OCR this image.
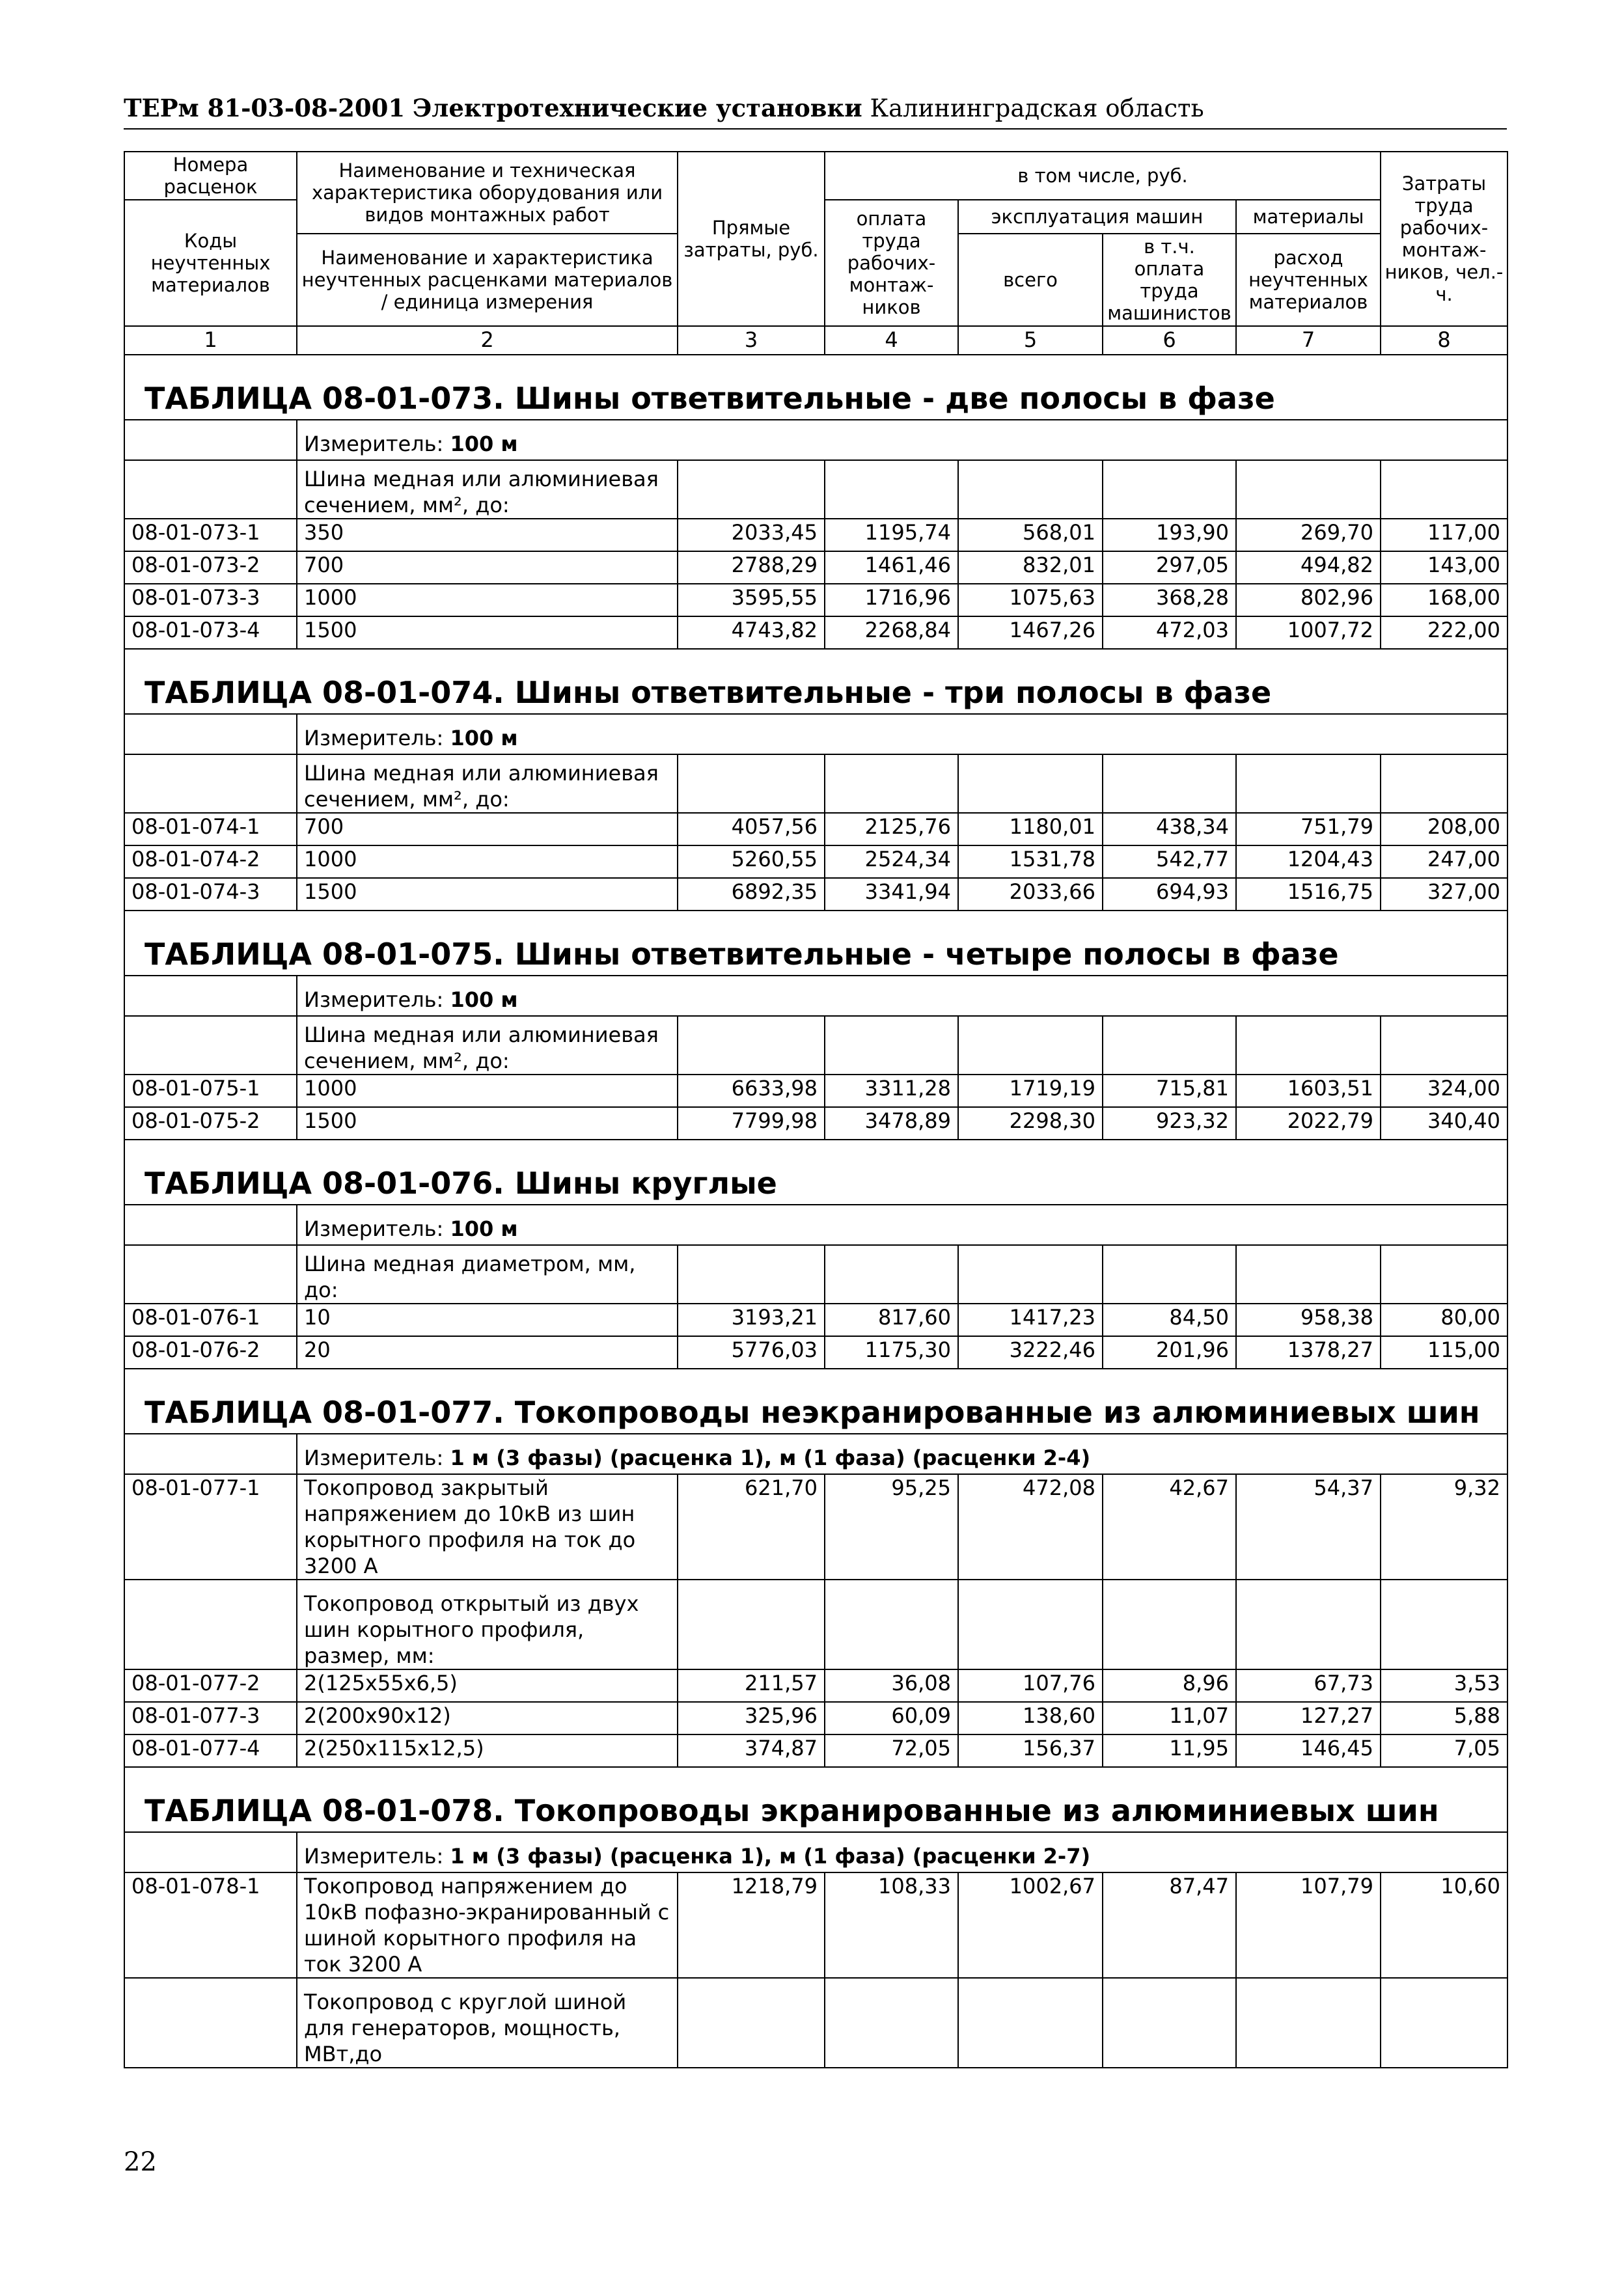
ТЕРм 81-03-08-2001 Электротехнические установки Калининградская область
Номера расценок	Наименование и техническая характеристика оборудования или видов монтажных работ	Прямые затраты, руб.	в том числе, руб.				Затраты труда рабочих-монтаж-ников, чел.-ч.
Коды неучтенных материалов			оплата труда рабочих-монтаж-ников	эксплуатация машин		материалы	
	Наименование и характеристика неучтенных расценками материалов / единица измерения			всего	в т.ч. оплата труда машинистов	расход неучтенных материалов	
1	2	3	4	5	6	7	8
ТАБЛИЦА 08-01-073. Шины ответвительные - две полосы в фазе							
	Измеритель: 100 м						
	Шина медная или алюминиевая сечением, мм², до:						
08-01-073-1	350	2033,45	1195,74	568,01	193,90	269,70	117,00
08-01-073-2	700	2788,29	1461,46	832,01	297,05	494,82	143,00
08-01-073-3	1000	3595,55	1716,96	1075,63	368,28	802,96	168,00
08-01-073-4	1500	4743,82	2268,84	1467,26	472,03	1007,72	222,00
ТАБЛИЦА 08-01-074. Шины ответвительные - три полосы в фазе							
	Измеритель: 100 м						
	Шина медная или алюминиевая сечением, мм², до:						
08-01-074-1	700	4057,56	2125,76	1180,01	438,34	751,79	208,00
08-01-074-2	1000	5260,55	2524,34	1531,78	542,77	1204,43	247,00
08-01-074-3	1500	6892,35	3341,94	2033,66	694,93	1516,75	327,00
ТАБЛИЦА 08-01-075. Шины ответвительные - четыре полосы в фазе							
	Измеритель: 100 м						
	Шина медная или алюминиевая сечением, мм², до:						
08-01-075-1	1000	6633,98	3311,28	1719,19	715,81	1603,51	324,00
08-01-075-2	1500	7799,98	3478,89	2298,30	923,32	2022,79	340,40
ТАБЛИЦА 08-01-076. Шины круглые							
	Измеритель: 100 м						
	Шина медная диаметром, мм, до:						
08-01-076-1	10	3193,21	817,60	1417,23	84,50	958,38	80,00
08-01-076-2	20	5776,03	1175,30	3222,46	201,96	1378,27	115,00
ТАБЛИЦА 08-01-077. Токопроводы неэкранированные из алюминиевых шин							
	Измеритель: 1 м (3 фазы) (расценка 1), м (1 фаза) (расценки 2-4)						
08-01-077-1	Токопровод закрытый напряжением до 10кВ из шин корытного профиля на ток до 3200 А	621,70	95,25	472,08	42,67	54,37	9,32
	Токопровод открытый из двух шин корытного профиля, размер, мм:						
08-01-077-2	2(125x55x6,5)	211,57	36,08	107,76	8,96	67,73	3,53
08-01-077-3	2(200x90x12)	325,96	60,09	138,60	11,07	127,27	5,88
08-01-077-4	2(250x115x12,5)	374,87	72,05	156,37	11,95	146,45	7,05
ТАБЛИЦА 08-01-078. Токопроводы экранированные из алюминиевых шин							
	Измеритель: 1 м (3 фазы) (расценка 1), м (1 фаза) (расценки 2-7)						
08-01-078-1	Токопровод напряжением до 10кВ пофазно-экранированный с шиной корытного профиля на ток 3200 А	1218,79	108,33	1002,67	87,47	107,79	10,60
	Токопровод с круглой шиной для генераторов, мощность, МВт,до						
22
